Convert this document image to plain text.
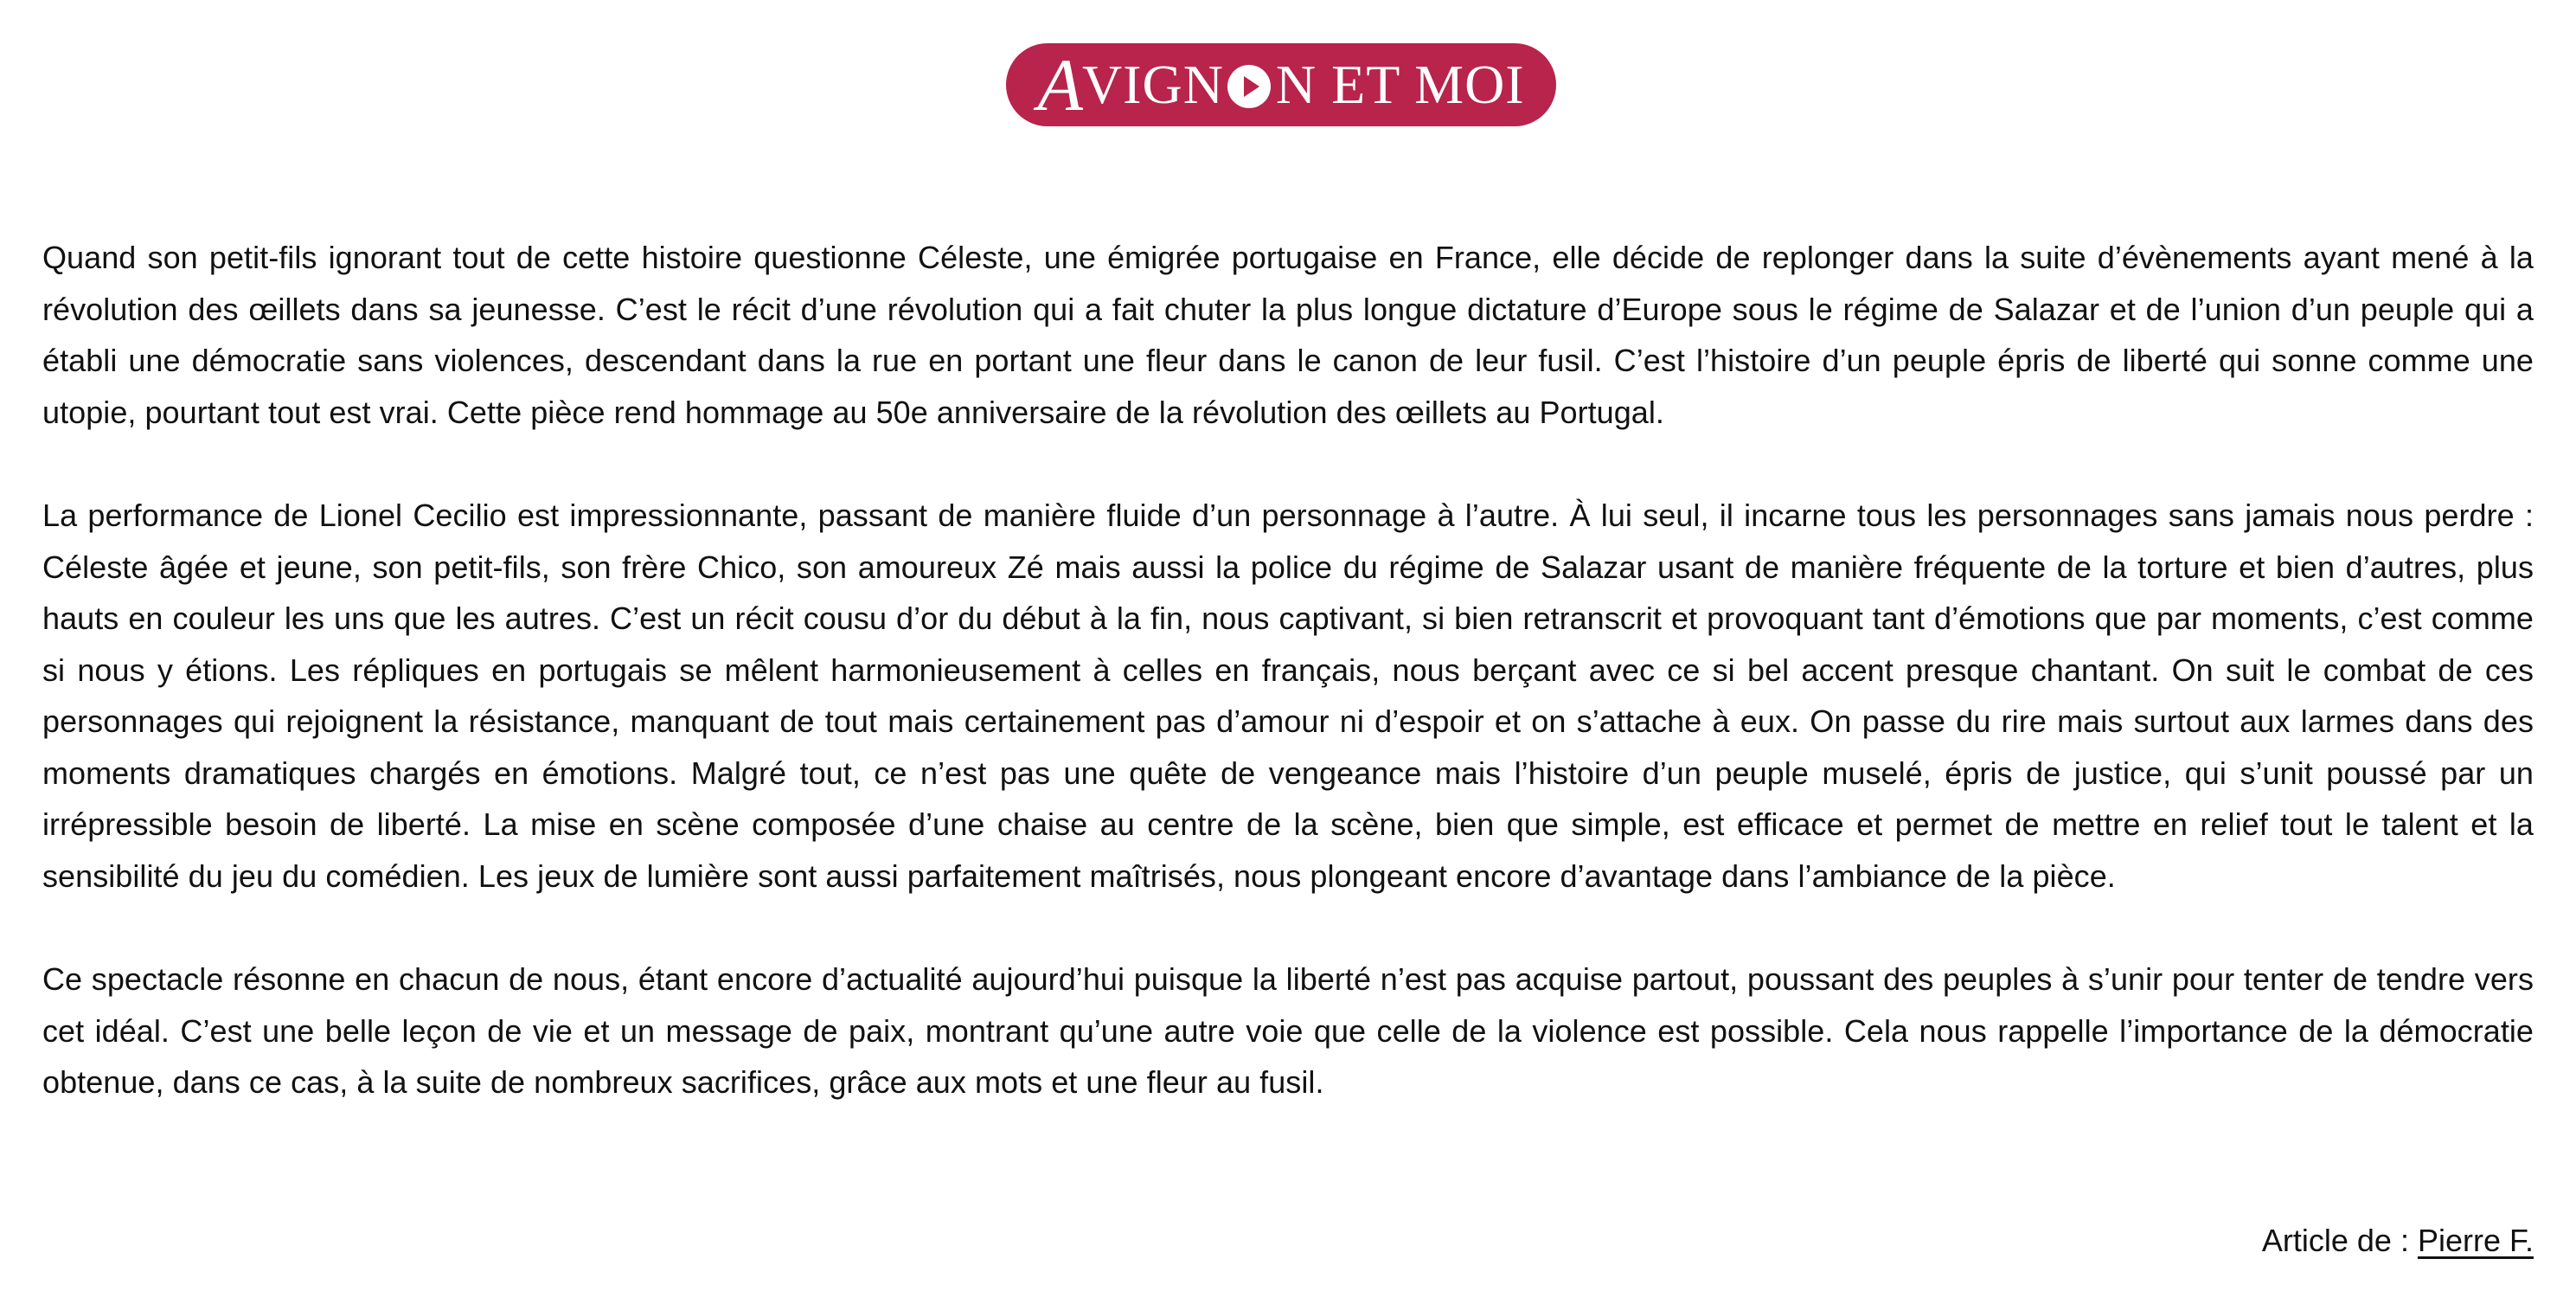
A
VIGN N ET MOI

Quand son petit-fils ignorant tout de cette histoire questionne Céleste, une émigrée portugaise en France, elle décide de replonger dans la suite d’évènements ayant mené à la révolution des œillets dans sa jeunesse. C’est le récit d’une révolution qui a fait chuter la plus longue dictature d’Europe sous le régime de Salazar et de l’union d’un peuple qui a établi une démocratie sans violences, descendant dans la rue en portant une fleur dans le canon de leur fusil. C’est l’histoire d’un peuple épris de liberté qui sonne comme une utopie, pourtant tout est vrai. Cette pièce rend hommage au 50e anniversaire de la révolution des œillets au Portugal.

La performance de Lionel Cecilio est impressionnante, passant de manière fluide d’un personnage à l’autre. À lui seul, il incarne tous les personnages sans jamais nous perdre : Céleste âgée et jeune, son petit-fils, son frère Chico, son amoureux Zé mais aussi la police du régime de Salazar usant de manière fréquente de la torture et bien d’autres, plus hauts en couleur les uns que les autres. C’est un récit cousu d’or du début à la fin, nous captivant, si bien retranscrit et provoquant tant d’émotions que par moments, c’est comme si nous y étions. Les répliques en portugais se mêlent harmonieusement à celles en français, nous berçant avec ce si bel accent presque chantant. On suit le combat de ces personnages qui rejoignent la résistance, manquant de tout mais certainement pas d’amour ni d’espoir et on s’attache à eux. On passe du rire mais surtout aux larmes dans des moments dramatiques chargés en émotions. Malgré tout, ce n’est pas une quête de vengeance mais l’histoire d’un peuple muselé, épris de justice, qui s’unit poussé par un irrépressible besoin de liberté. La mise en scène composée d’une chaise au centre de la scène, bien que simple, est efficace et permet de mettre en relief tout le talent et la sensibilité du jeu du comédien. Les jeux de lumière sont aussi parfaitement maîtrisés, nous plongeant encore d’avantage dans l’ambiance de la pièce.

Ce spectacle résonne en chacun de nous, étant encore d’actualité aujourd’hui puisque la liberté n’est pas acquise partout, poussant des peuples à s’unir pour tenter de tendre vers cet idéal. C’est une belle leçon de vie et un message de paix, montrant qu’une autre voie que celle de la violence est possible. Cela nous rappelle l’importance de la démocratie obtenue, dans ce cas, à la suite de nombreux sacrifices, grâce aux mots et une fleur au fusil.

Article de : Pierre F.
